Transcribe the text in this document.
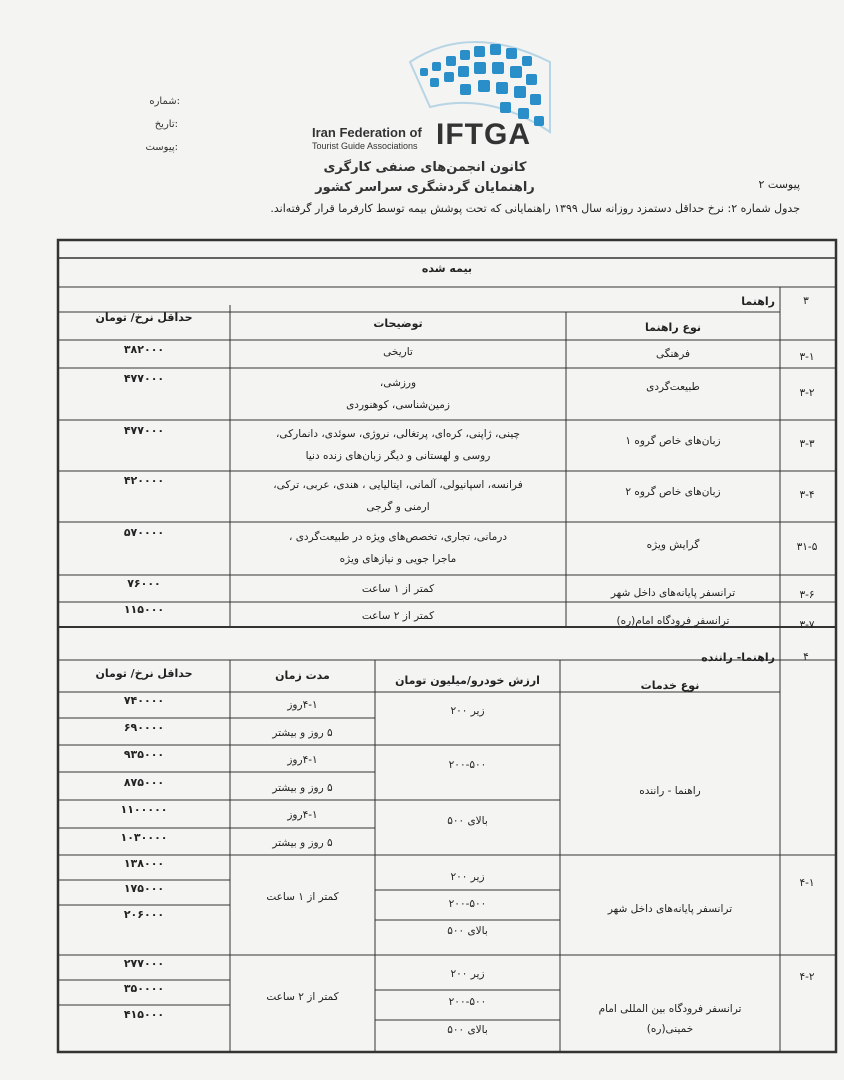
شماره:
تاریخ:
پیوست:
Iran Federation of
Tourist Guide Associations IFTGA
کانون انجمن‌های صنفی کارگری
راهنمایان گردشگری سراسر کشور	پیوست ۲
جدول شماره ۲: نرخ حداقل دستمزد روزانه سال ۱۳۹۹ راهنمایانی که تحت پوشش بیمه توسط کارفرما قرار گرفته‌اند.
بیمه شده
۳
راهنما
نوع راهنما
توضیحات
حداقل نرخ/ تومان
۳-۱
فرهنگی
تاریخی
۳۸۲۰۰۰
۳-۲
طبیعت‌گردی
ورزشی،
زمین‌شناسی، کوهنوردی
۴۷۷۰۰۰
۳-۳
زبان‌های خاص گروه ۱
چینی، ژاپنی، کره‌ای، پرتغالی، نروژی، سوئدی، دانمارکی،
روسی و لهستانی و دیگر زبان‌های زنده دنیا
۴۷۷۰۰۰
۳-۴
زبان‌های خاص گروه ۲
فرانسه، اسپانیولی، آلمانی، ایتالیایی ، هندی، عربی، ترکی،
ارمنی و گرجی
۴۲۰۰۰۰
۳۱-۵
گرایش ویژه
درمانی، تجاری، تخصص‌های ویژه در طبیعت‌گردی ،
ماجرا جویی و نیازهای ویژه
۵۷۰۰۰۰
۳-۶
ترانسفر پایانه‌های داخل شهر
کمتر از ۱ ساعت
۷۶۰۰۰
۳-۷
ترانسفر فرودگاه امام(ره)
کمتر از ۲ ساعت
۱۱۵۰۰۰
۴
راهنما- راننده
نوع خدمات
ارزش خودرو/میلیون تومان
مدت زمان
حداقل نرخ/ تومان
راهنما - راننده
۴-۱
ترانسفر پایانه‌های داخل شهر
۴-۲
ترانسفر فرودگاه بین المللی امام
خمینی(ره)
زیر ۲۰۰
۲۰۰-۵۰۰
بالای ۵۰۰
زیر ۲۰۰
۲۰۰-۵۰۰
بالای ۵۰۰
زیر ۲۰۰
۲۰۰-۵۰۰
بالای ۵۰۰
۴-۱روز
۵ روز و بیشتر
۴-۱روز
۵ روز و بیشتر
۴-۱روز
۵ روز و بیشتر
کمتر از ۱ ساعت
کمتر از ۲ ساعت
۷۴۰۰۰۰
۶۹۰۰۰۰
۹۳۵۰۰۰
۸۷۵۰۰۰
۱۱۰۰۰۰۰
۱۰۳۰۰۰۰
۱۳۸۰۰۰
۱۷۵۰۰۰
۲۰۶۰۰۰
۲۷۷۰۰۰
۳۵۰۰۰۰
۴۱۵۰۰۰
